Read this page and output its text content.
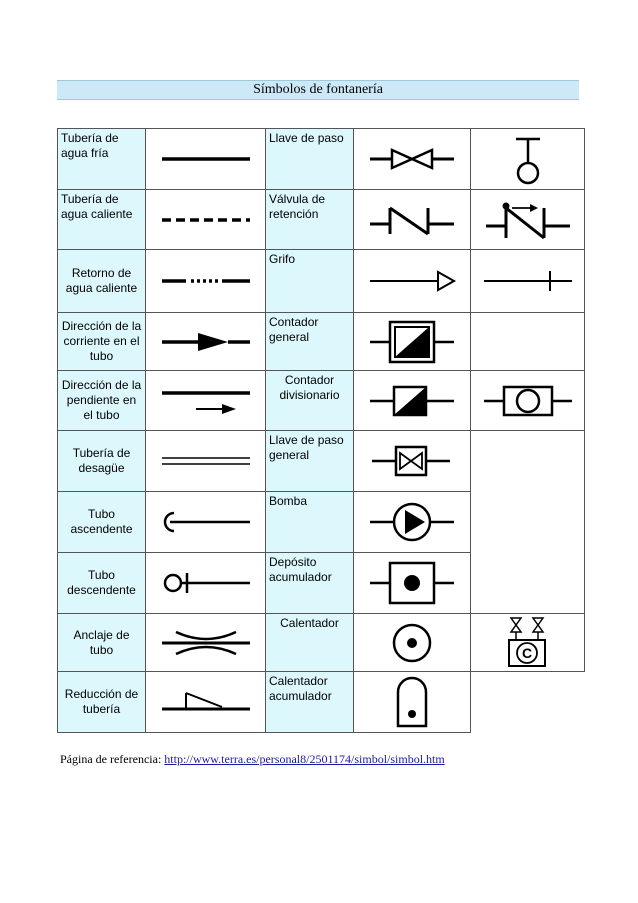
Símbolos de fontanería
Tubería de agua fría		Llave de paso	

Tubería de agua caliente		Válvula de retención	

Retorno de agua caliente		Grifo	

Dirección de la corriente en el tubo		Contador general	

Dirección de la pendiente en el tubo		Contador divisionario	

Tubería de desagüe		Llave de paso general	

Tubo ascendente		Bomba	

Tubo descendente		Depósito acumulador	

Anclaje de tubo		Calentador		C

Reducción de tubería		Calentador acumulador	

Página de referencia: http://www.terra.es/personal8/2501174/simbol/simbol.htm
